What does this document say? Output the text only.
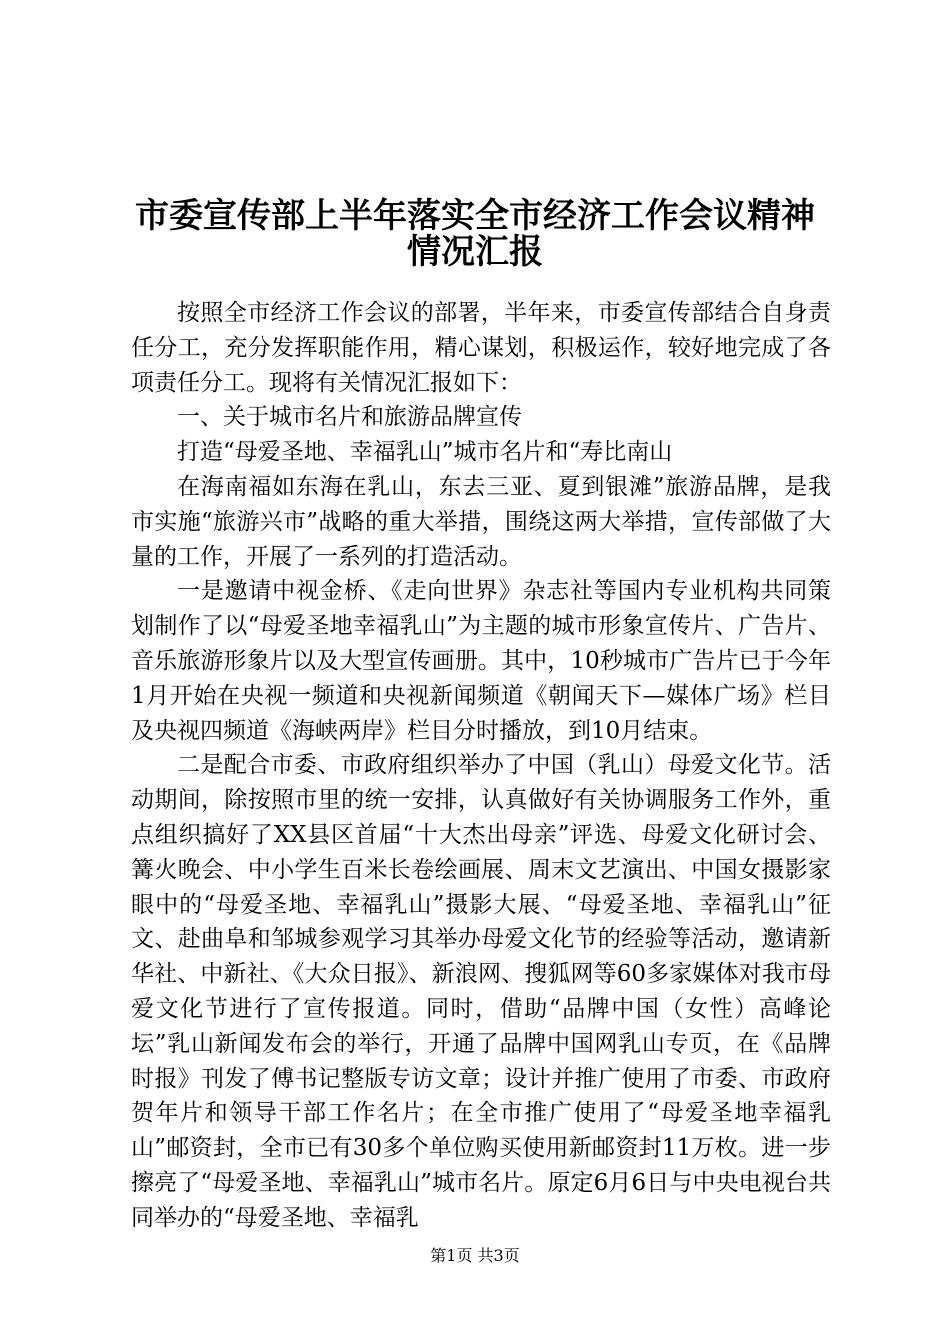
市委宣传部上半年落实全市经济工作会议精神
情况汇报

按照全市经济工作会议的部署，半年来，市委宣传部结合自身责任分工，充分发挥职能作用，精心谋划，积极运作，较好地完成了各项责任分工。现将有关情况汇报如下：

一、关于城市名片和旅游品牌宣传

打造“母爱圣地、幸福乳山”城市名片和“寿比南山

在海南福如东海在乳山，东去三亚、夏到银滩”旅游品牌，是我市实施“旅游兴市”战略的重大举措，围绕这两大举措，宣传部做了大量的工作，开展了一系列的打造活动。

一是邀请中视金桥、《走向世界》杂志社等国内专业机构共同策划制作了以“母爱圣地幸福乳山”为主题的城市形象宣传片、广告片、音乐旅游形象片以及大型宣传画册。其中，10秒城市广告片已于今年1月开始在央视一频道和央视新闻频道《朝闻天下—媒体广场》栏目及央视四频道《海峡两岸》栏目分时播放，到10月结束。

二是配合市委、市政府组织举办了中国（乳山）母爱文化节。活动期间，除按照市里的统一安排，认真做好有关协调服务工作外，重点组织搞好了XX县区首届“十大杰出母亲”评选、母爱文化研讨会、篝火晚会、中小学生百米长卷绘画展、周末文艺演出、中国女摄影家眼中的“母爱圣地、幸福乳山”摄影大展、“母爱圣地、幸福乳山”征文、赴曲阜和邹城参观学习其举办母爱文化节的经验等活动，邀请新华社、中新社、《大众日报》、新浪网、搜狐网等60多家媒体对我市母爱文化节进行了宣传报道。同时，借助“品牌中国（女性）高峰论坛”乳山新闻发布会的举行，开通了品牌中国网乳山专页，在《品牌时报》刊发了傅书记整版专访文章；设计并推广使用了市委、市政府贺年片和领导干部工作名片；在全市推广使用了“母爱圣地幸福乳山”邮资封，全市已有30多个单位购买使用新邮资封11万枚。进一步擦亮了“母爱圣地、幸福乳山”城市名片。原定6月6日与中央电视台共同举办的“母爱圣地、幸福乳

第1页 共3页
